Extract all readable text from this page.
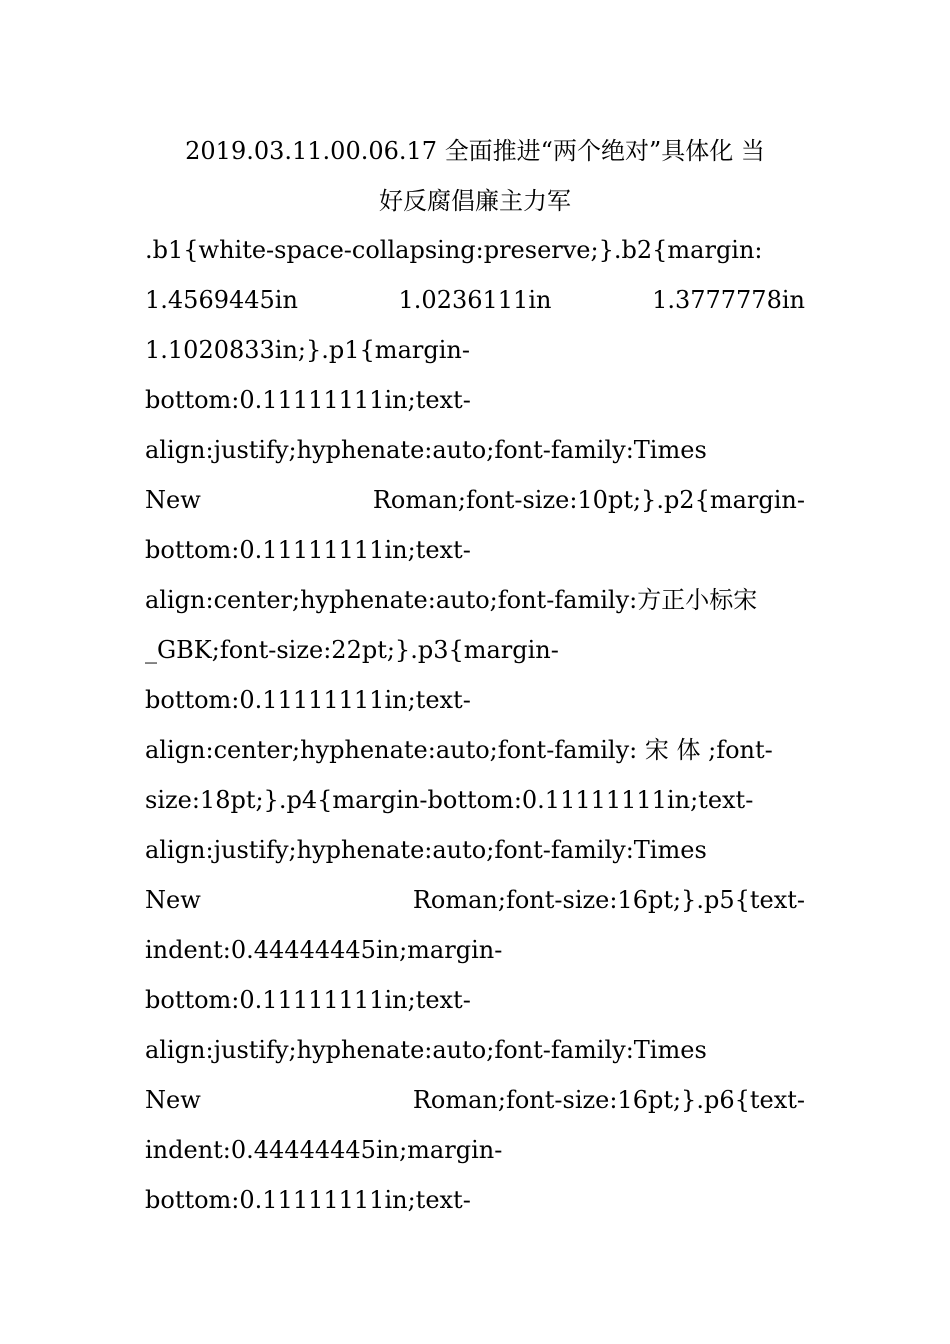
2019.03.11.00.06.17 全面推进“两个绝对”具体化 当
好反腐倡廉主力军
.b1{white-space-collapsing:preserve;}.b2{margin:
1.4569445in	1.0236111in	1.3777778in
1.1020833in;}.p1{margin-
bottom:0.11111111in;text-
align:justify;hyphenate:auto;font-family:Times
New	Roman;font-size:10pt;}.p2{margin-
bottom:0.11111111in;text-
align:center;hyphenate:auto;font-family:方正小标宋
_GBK;font-size:22pt;}.p3{margin-
bottom:0.11111111in;text-
align:center;hyphenate:auto;font-family: 宋 体 ;font-
size:18pt;}.p4{margin-bottom:0.11111111in;text-
align:justify;hyphenate:auto;font-family:Times
New	Roman;font-size:16pt;}.p5{text-
indent:0.44444445in;margin-
bottom:0.11111111in;text-
align:justify;hyphenate:auto;font-family:Times
New	Roman;font-size:16pt;}.p6{text-
indent:0.44444445in;margin-
bottom:0.11111111in;text-
